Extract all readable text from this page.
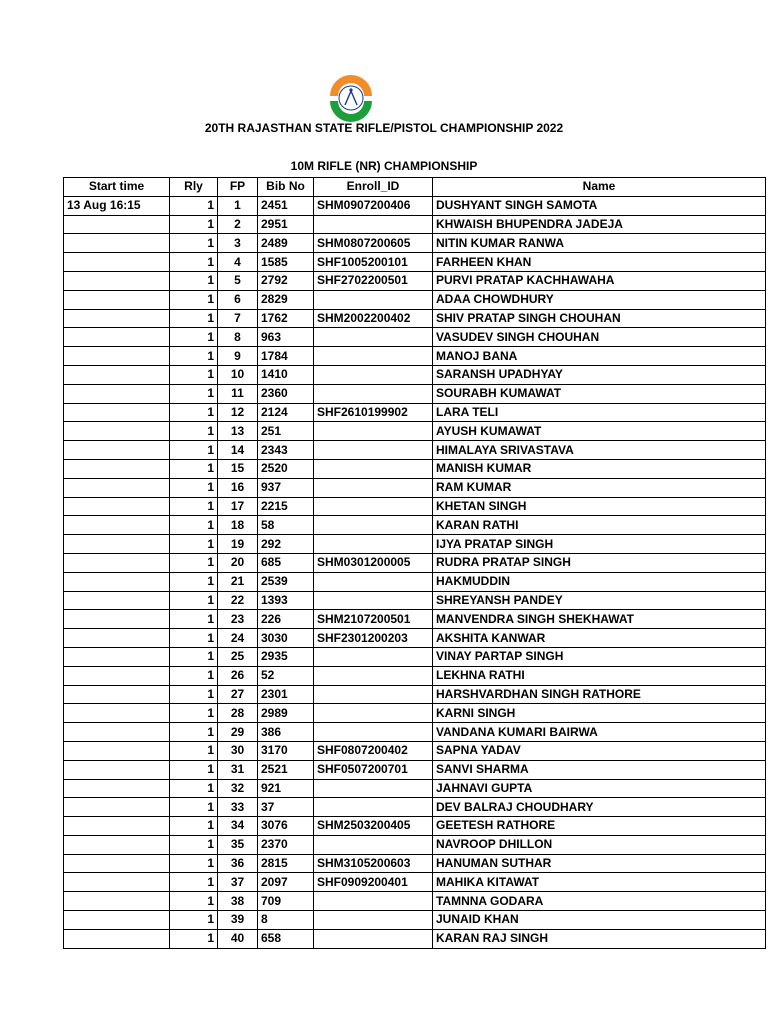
20TH RAJASTHAN STATE RIFLE/PISTOL CHAMPIONSHIP 2022
10M RIFLE (NR) CHAMPIONSHIP
Start time	Rly	FP	Bib No	Enroll_ID	Name
13 Aug 16:15	1	1	2451	SHM0907200406	DUSHYANT SINGH SAMOTA
	1	2	2951		KHWAISH BHUPENDRA JADEJA
	1	3	2489	SHM0807200605	NITIN KUMAR RANWA
	1	4	1585	SHF1005200101	FARHEEN KHAN
	1	5	2792	SHF2702200501	PURVI PRATAP KACHHAWAHA
	1	6	2829		ADAA CHOWDHURY
	1	7	1762	SHM2002200402	SHIV PRATAP SINGH CHOUHAN
	1	8	963		VASUDEV SINGH CHOUHAN
	1	9	1784		MANOJ BANA
	1	10	1410		SARANSH UPADHYAY
	1	11	2360		SOURABH KUMAWAT
	1	12	2124	SHF2610199902	LARA TELI
	1	13	251		AYUSH KUMAWAT
	1	14	2343		HIMALAYA SRIVASTAVA
	1	15	2520		MANISH KUMAR
	1	16	937		RAM KUMAR
	1	17	2215		KHETAN SINGH
	1	18	58		KARAN RATHI
	1	19	292		IJYA PRATAP SINGH
	1	20	685	SHM0301200005	RUDRA PRATAP SINGH
	1	21	2539		HAKMUDDIN
	1	22	1393		SHREYANSH PANDEY
	1	23	226	SHM2107200501	MANVENDRA SINGH SHEKHAWAT
	1	24	3030	SHF2301200203	AKSHITA KANWAR
	1	25	2935		VINAY PARTAP SINGH
	1	26	52		LEKHNA RATHI
	1	27	2301		HARSHVARDHAN SINGH RATHORE
	1	28	2989		KARNI SINGH
	1	29	386		VANDANA KUMARI BAIRWA
	1	30	3170	SHF0807200402	SAPNA YADAV
	1	31	2521	SHF0507200701	SANVI SHARMA
	1	32	921		JAHNAVI GUPTA
	1	33	37		DEV BALRAJ CHOUDHARY
	1	34	3076	SHM2503200405	GEETESH RATHORE
	1	35	2370		NAVROOP DHILLON
	1	36	2815	SHM3105200603	HANUMAN SUTHAR
	1	37	2097	SHF0909200401	MAHIKA KITAWAT
	1	38	709		TAMNNA GODARA
	1	39	8		JUNAID KHAN
	1	40	658		KARAN RAJ SINGH
